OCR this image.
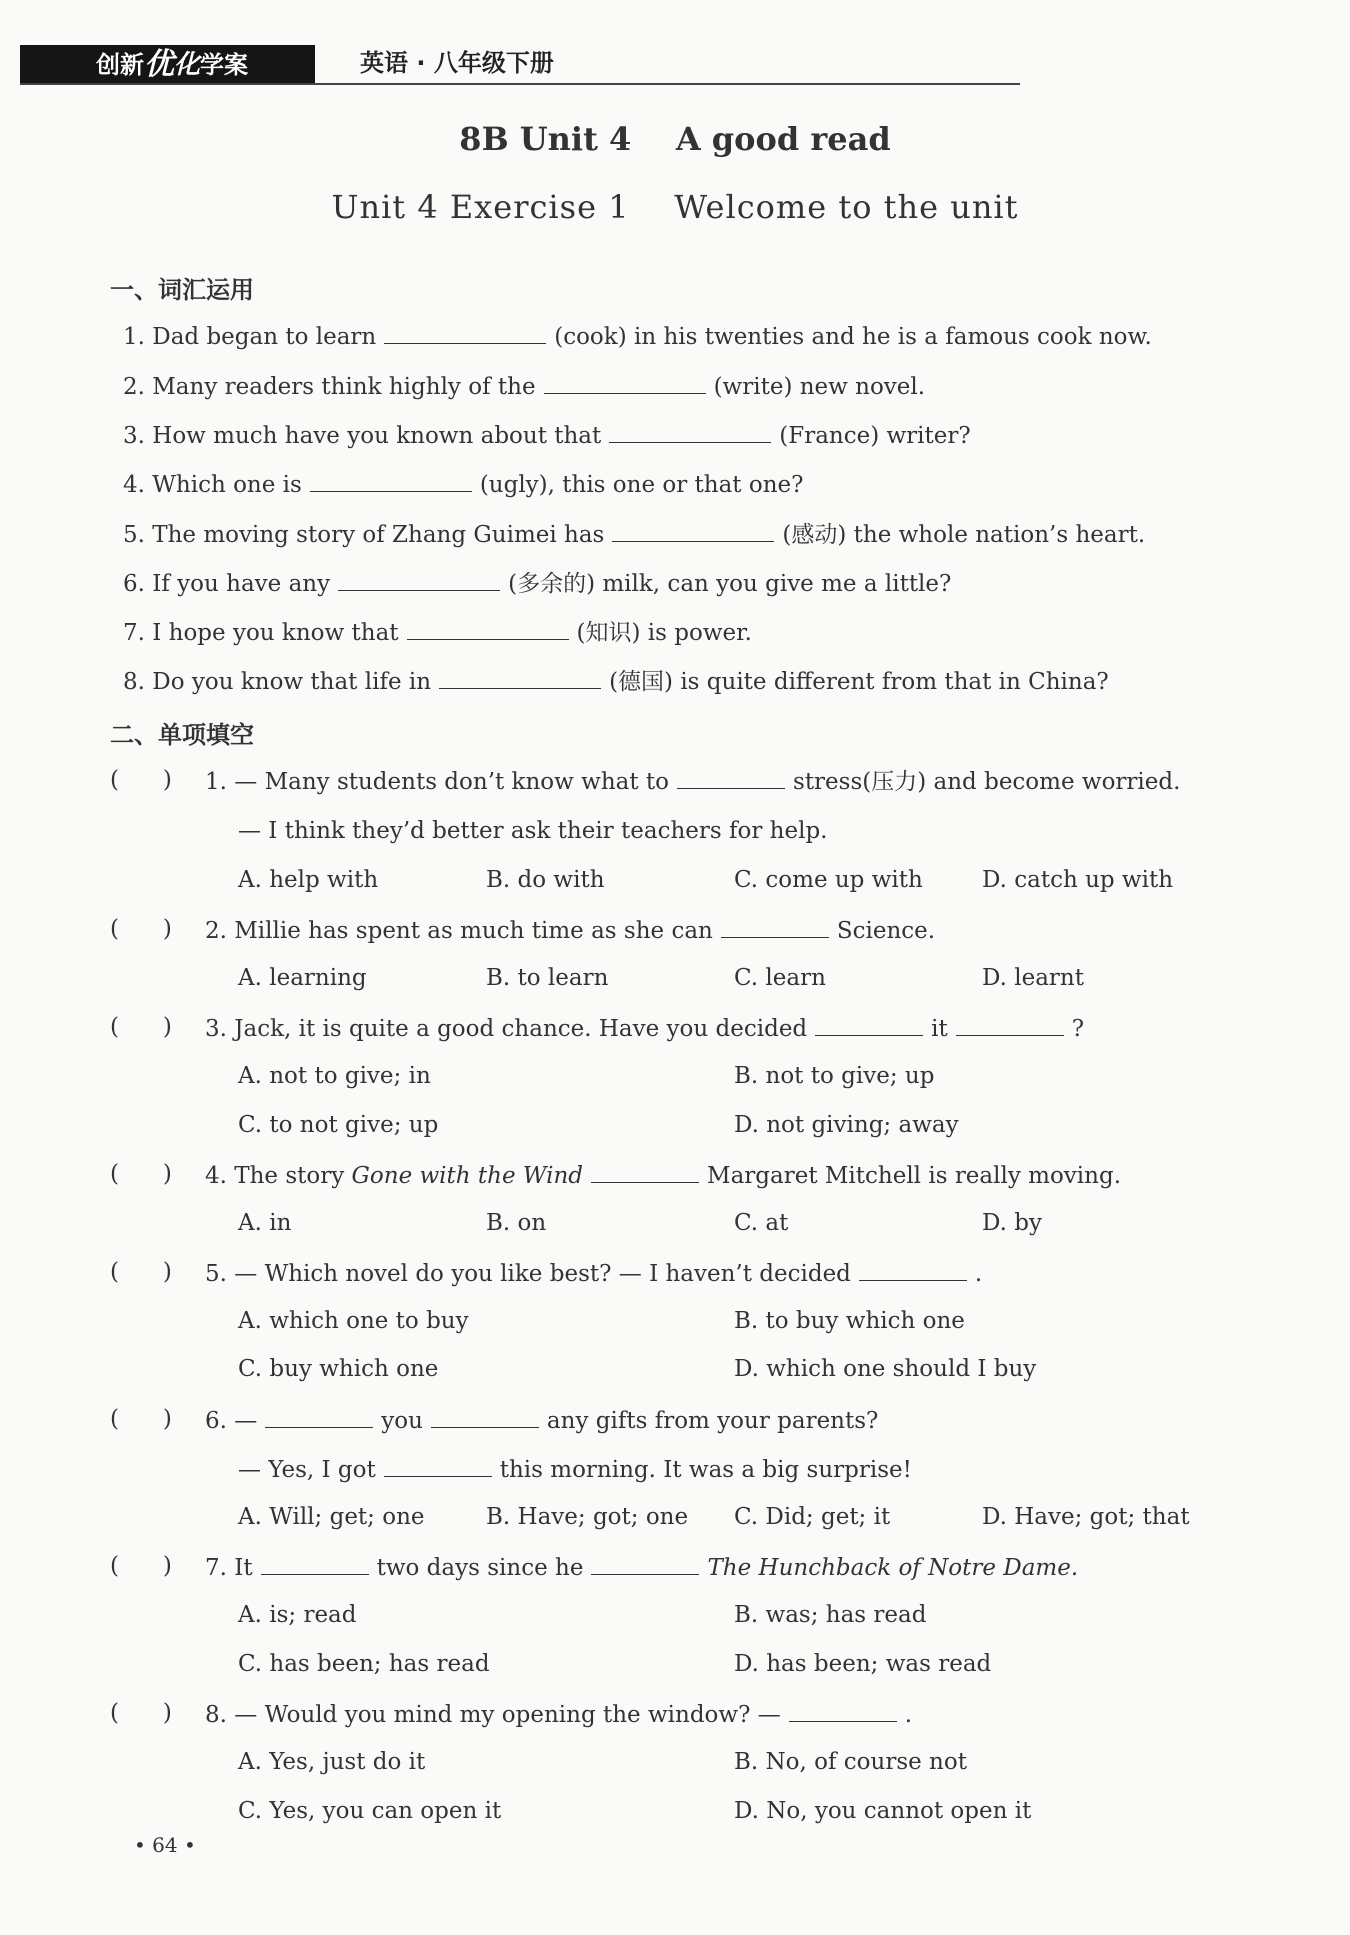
创新优化学案	英语 · 八年级下册
8B Unit 4    A good read
Unit 4 Exercise 1    Welcome to the unit
一、词汇运用
1. Dad began to learn	(cook) in his twenties and he is a famous cook now.
2. Many readers think highly of the	(write) new novel.
3. How much have you known about that	(France) writer?
4. Which one is	(ugly), this one or that one?
5. The moving story of Zhang Guimei has	(感动) the whole nation’s heart.
6. If you have any	(多余的) milk, can you give me a little?
7. I hope you know that	(知识) is power.
8. Do you know that life in	(德国) is quite different from that in China?
二、单项填空
(      ) 1. — Many students don’t know what to	stress(压力) and become worried.
— I think they’d better ask their teachers for help.
A. help with	B. do with	C. come up with	D. catch up with
(      ) 2. Millie has spent as much time as she can	Science.
A. learning	B. to learn	C. learn	D. learnt
(      ) 3. Jack, it is quite a good chance. Have you decided	it	?
A. not to give; in	B. not to give; up
C. to not give; up	D. not giving; away
(      ) 4. The story Gone with the Wind	Margaret Mitchell is really moving.
A. in	B. on	C. at	D. by
(      ) 5. — Which novel do you like best? — I haven’t decided	.
A. which one to buy	B. to buy which one
C. buy which one	D. which one should I buy
(      ) 6. —	you	any gifts from your parents?
— Yes, I got	this morning. It was a big surprise!
A. Will; get; one	B. Have; got; one C. Did; get; it	D. Have; got; that
(      ) 7. It	two days since he	The Hunchback of Notre Dame.
A. is; read	B. was; has read
C. has been; has read	D. has been; was read
(      ) 8. — Would you mind my opening the window? —	.
A. Yes, just do it	B. No, of course not
C. Yes, you can open it	D. No, you cannot open it
• 64 •
